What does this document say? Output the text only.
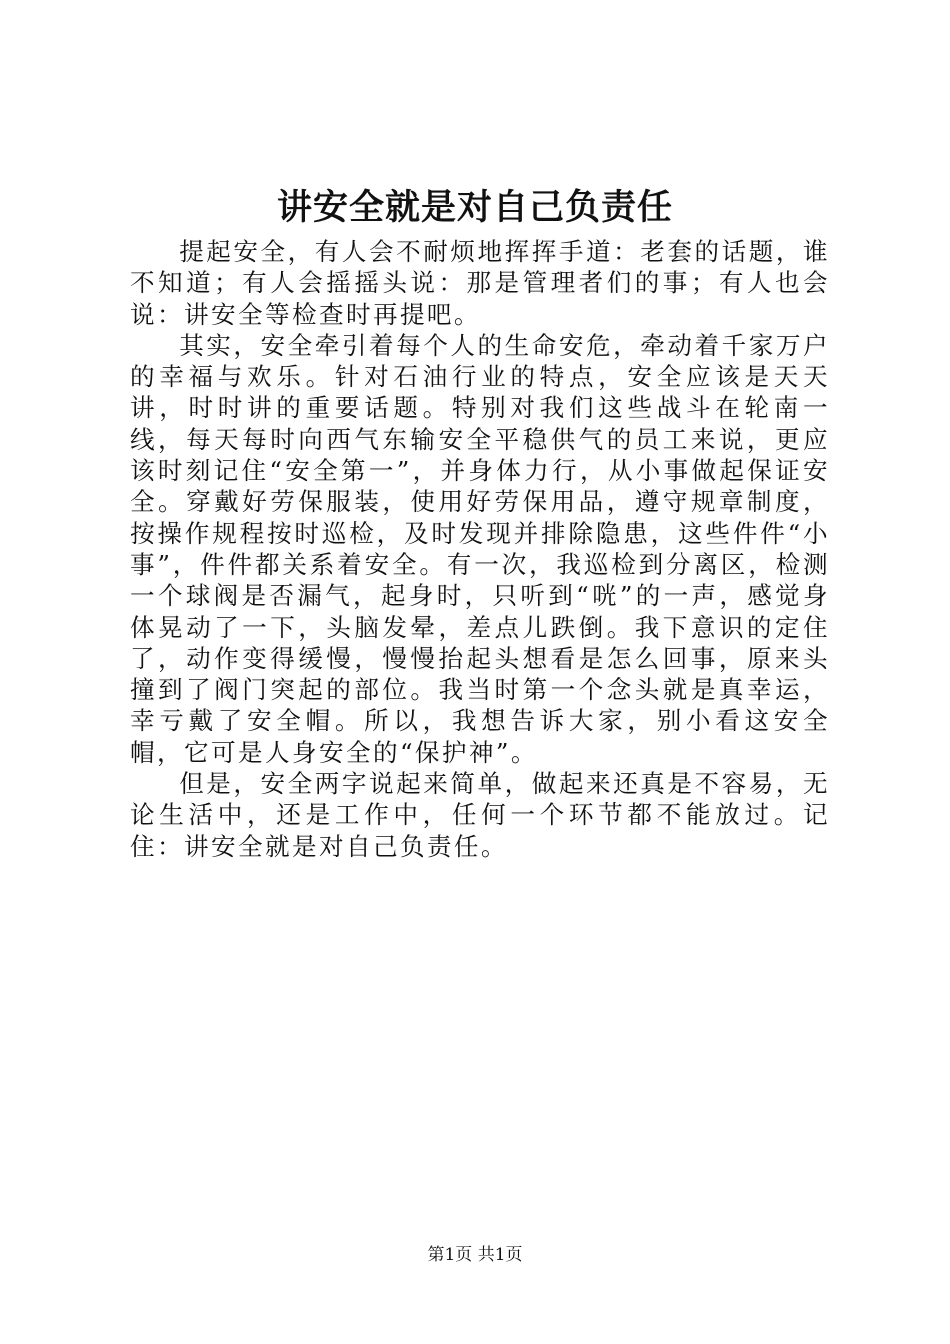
讲安全就是对自己负责任

提起安全，有人会不耐烦地挥挥手道：老套的话题，谁不知道；有人会摇摇头说：那是管理者们的事；有人也会说：讲安全等检查时再提吧。

其实，安全牵引着每个人的生命安危，牵动着千家万户的幸福与欢乐。针对石油行业的特点，安全应该是天天讲，时时讲的重要话题。特别对我们这些战斗在轮南一线，每天每时向西气东输安全平稳供气的员工来说，更应该时刻记住“安全第一”，并身体力行，从小事做起保证安全。穿戴好劳保服装，使用好劳保用品，遵守规章制度，按操作规程按时巡检，及时发现并排除隐患，这些件件“小事”，件件都关系着安全。有一次，我巡检到分离区，检测一个球阀是否漏气，起身时，只听到“咣”的一声，感觉身体晃动了一下，头脑发晕，差点儿跌倒。我下意识的定住了，动作变得缓慢，慢慢抬起头想看是怎么回事，原来头撞到了阀门突起的部位。我当时第一个念头就是真幸运，幸亏戴了安全帽。所以，我想告诉大家，别小看这安全帽，它可是人身安全的“保护神”。

但是，安全两字说起来简单，做起来还真是不容易，无论生活中，还是工作中，任何一个环节都不能放过。记住：讲安全就是对自己负责任。

第1页 共1页
